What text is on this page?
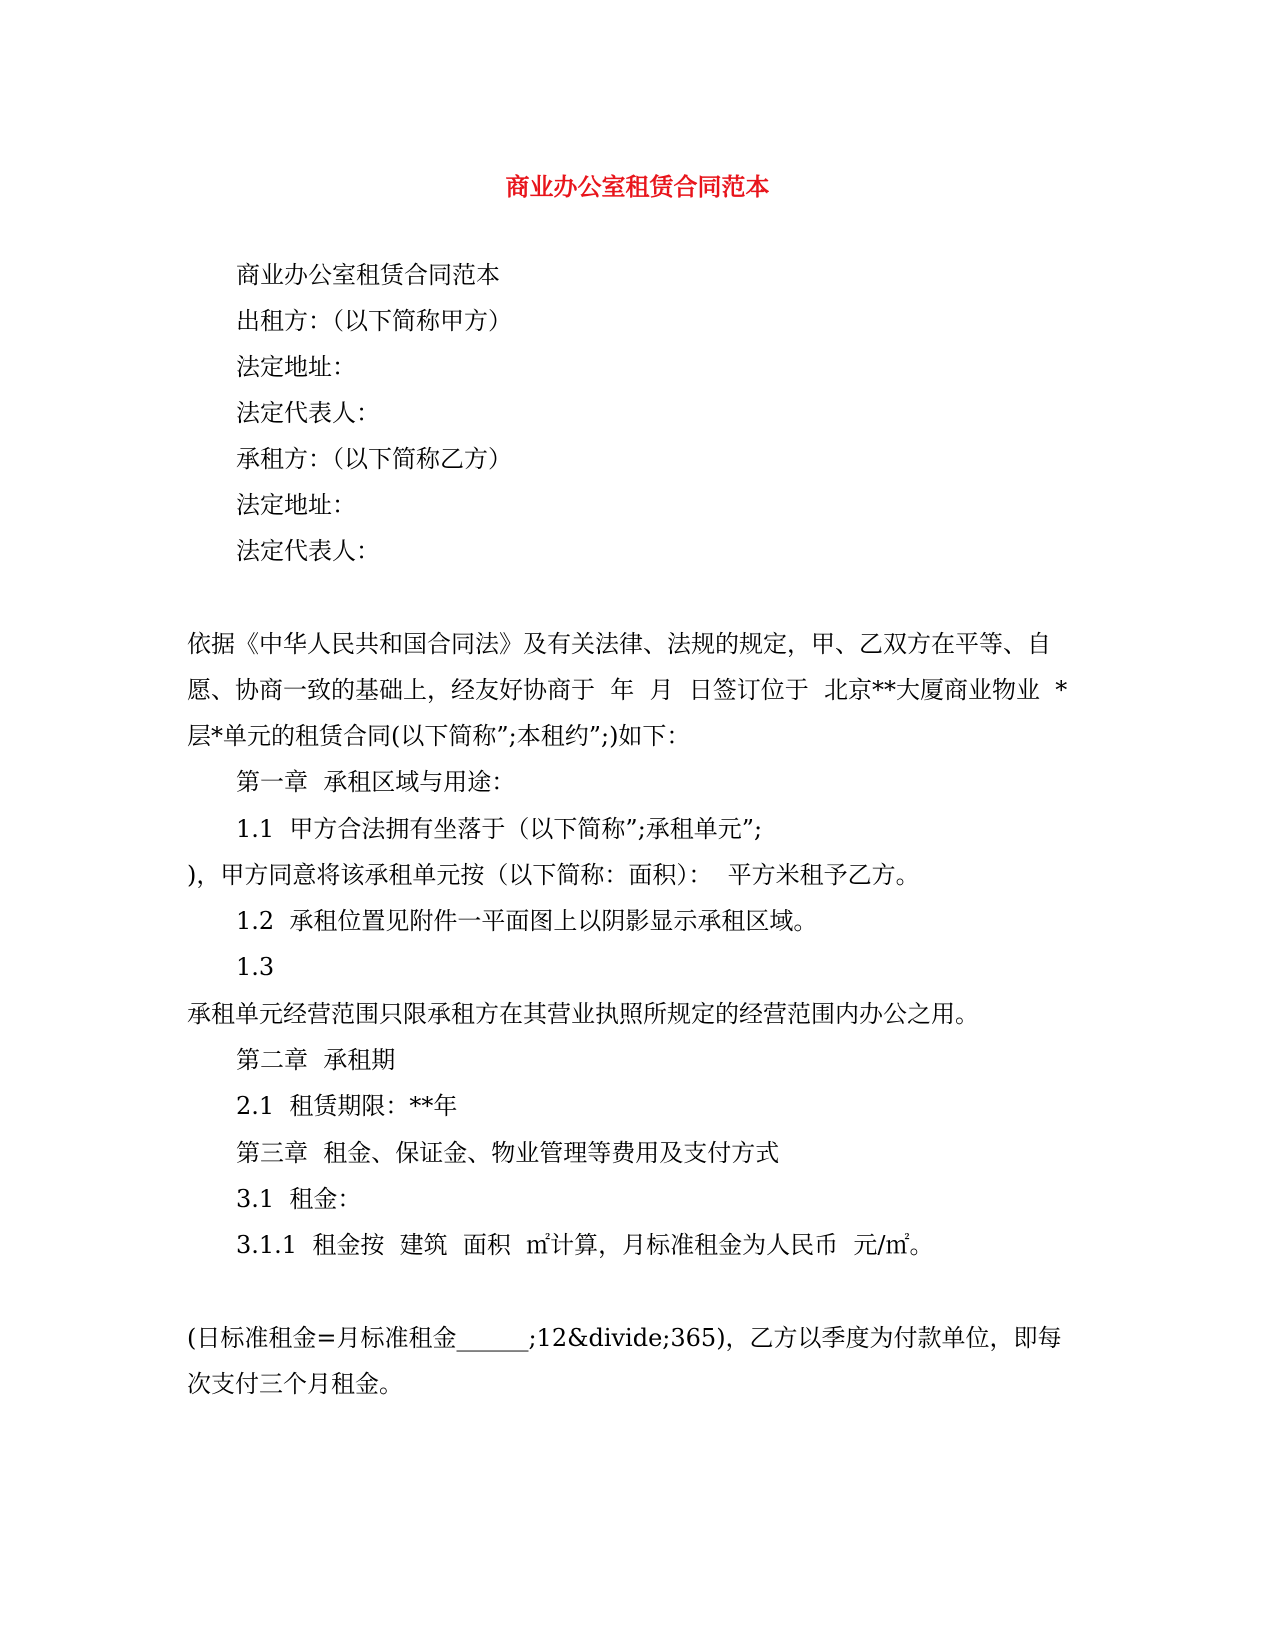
商业办公室租赁合同范本

商业办公室租赁合同范本

出租方：（以下简称甲方）

法定地址：

法定代表人：

承租方：（以下简称乙方）

法定地址：

法定代表人：

依据《中华人民共和国合同法》及有关法律、法规的规定，甲、乙双方在平等、自

愿、协商一致的基础上，经友好协商于  年  月  日签订位于  北京**大厦商业物业  *

层*单元的租赁合同(以下简称”;本租约”;)如下：

第一章  承租区域与用途：

1.1  甲方合法拥有坐落于（以下简称”;承租单元”;

)，甲方同意将该承租单元按（以下简称：面积）：  平方米租予乙方。

1.2  承租位置见附件一平面图上以阴影显示承租区域。

1.3

承租单元经营范围只限承租方在其营业执照所规定的经营范围内办公之用。

第二章  承租期

2.1  租赁期限：**年

第三章  租金、保证金、物业管理等费用及支付方式

3.1  租金：

3.1.1  租金按  建筑  面积  ㎡计算，月标准租金为人民币  元/㎡。

(日标准租金=月标准租金______;12&divide;365)，乙方以季度为付款单位，即每

次支付三个月租金。
